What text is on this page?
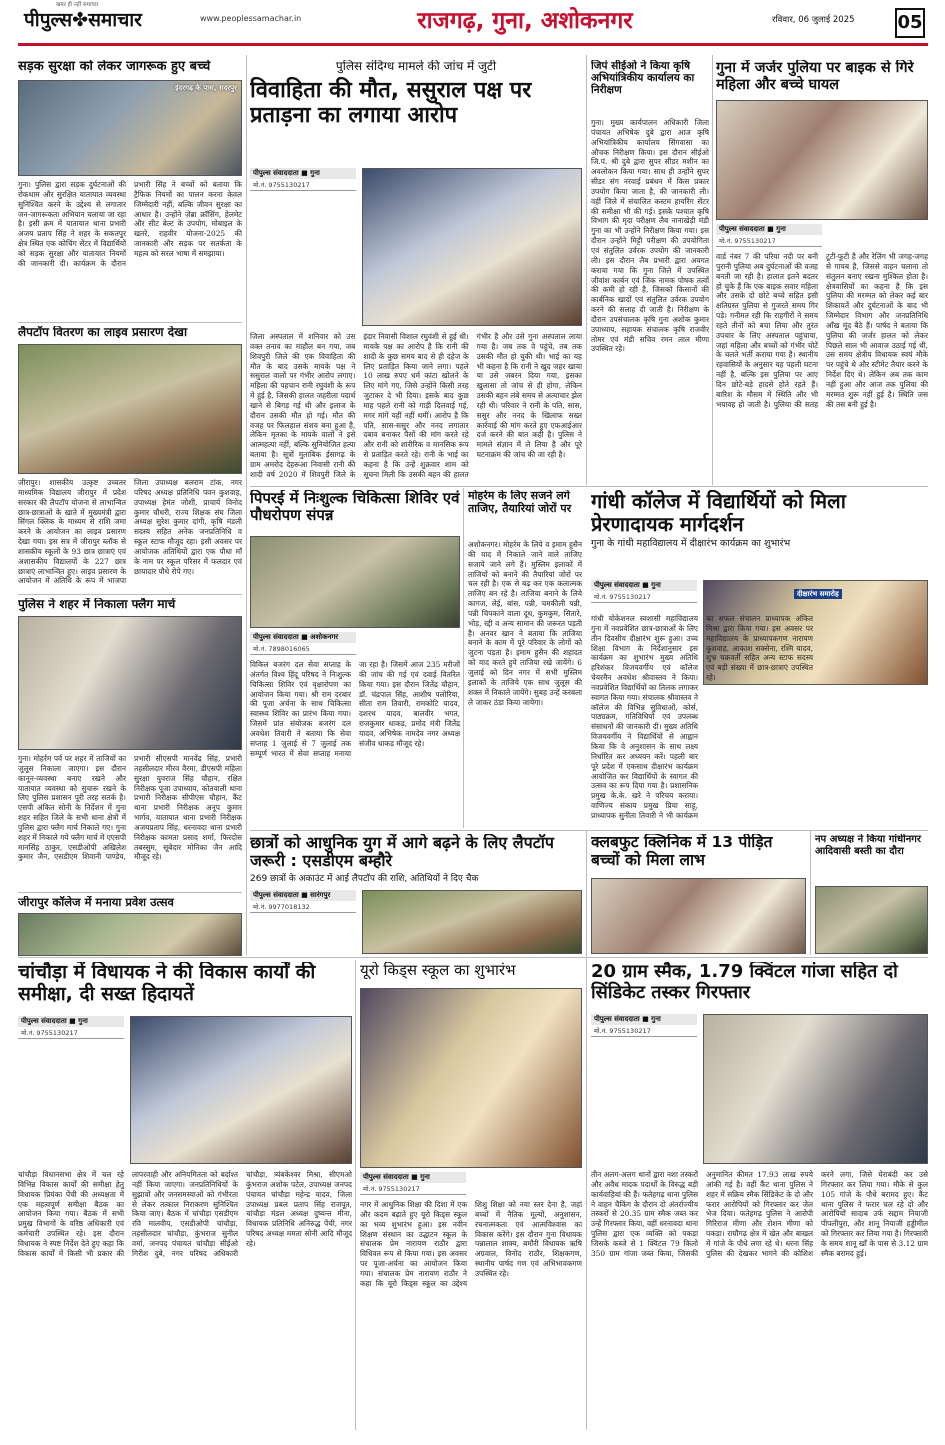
पीपुल्स✤समाचार
खबर ही नहीं समाचार
www.peoplessamachar.in	राजगढ़, गुना, अशोकनगर	रविवार, 06 जुलाई 2025 05
सड़क सुरक्षा को लेकर जागरूक हुए बच्चे
इंदरगढ़ के पास, सदरपुर
गुना। पुलिस द्वारा सड़क दुर्घटनाओं की रोकथाम और सुरक्षित यातायात व्यवस्था सुनिश्चित करने के उद्देश्य से लगातार जन-जागरूकता अभियान चलाया जा रहा है। इसी क्रम में यातायात थाना प्रभारी अजय प्रताप सिंह ने शहर के सकतपुर क्षेत्र स्थित एक कोचिंग सेंटर में विद्यार्थियों को सड़क सुरक्षा और यातायात नियमों की जानकारी दी। कार्यक्रम के दौरान प्रभारी सिंह ने बच्चों को बताया कि ट्रैफिक नियमों का पालन करना केवल जिम्मेदारी नहीं, बल्कि जीवन सुरक्षा का आधार है। उन्होंने ज़ेब्रा क्रॉसिंग, हेलमेट और सीट बेल्ट के उपयोग, मोबाइल के खतरे, राहवीर योजना-2025 की जानकारी और सड़क पर सतर्कता के महत्व को सरल भाषा में समझाया।
लैपटॉप वितरण का लाइव प्रसारण देखा
जीरापुर। शासकीय उत्कृष्ट उच्चतर माध्यमिक विद्यालय जीरापुर में प्रदेश सरकार की लैपटॉप योजना से लाभान्वित छात्र-छात्राओं के खाते में मुख्यमंत्री द्वारा सिंगल क्लिक के माध्यम से राशि जमा करने के आयोजन का लाइव प्रसारण देखा गया। इस सत्र में जीरापुर ब्लॉक से शासकीय स्कूलों के 93 छात्र छात्राएं एवं अशासकीय विद्यालयों के 227 छात्र छात्राएं लाभान्वित हुए। लाइव प्रसारण के आयोजन में अतिथि के रूप में भाजपा जिला उपाध्यक्ष बलराम टांक, नगर परिषद अध्यक्ष प्रतिनिधि पवन कुशवाह, उपाध्यक्ष हेमंत जोशी, प्राचार्य विनोद कुमार चौधरी, राज्य शिक्षक संघ जिला अध्यक्ष सुरेश कुमार दांगी, कृषि मंडली सदस्य सहित अनेक जनप्रतिनिधि व स्कूल स्टाफ मौजूद रहा। इसी अवसर पर आयोजक अतिथियों द्वारा एक पौधा माँ के नाम पर स्कूल परिसर में फलदार एवं छायादार पौधे रोपे गए।
पुलिस ने शहर में निकाला फ्लैग मार्च
गुना। मोहर्रम पर्व पर शहर में ताजियों का जुलूस निकाला जाएगा। इस दौरान कानून-व्यवस्था बनाए रखने और यातायात व्यवस्था को सुचारू रखने के लिए पुलिस प्रशासन पूरी तरह सतर्क है। एसपी अंकित सोनी के निर्देशन में गुना शहर सहित जिले के सभी थाना क्षेत्रों में पुलिस द्वारा फ्लैग मार्च निकाले गए। गुना शहर में निकाले गये फ्लैग मार्च में एएसपी मानसिंह ठाकुर, एसडीओपी अखिलेश कुमार जैन, एसडीएम शिवानी पाण्डेय, प्रभारी सीएसपी मानवेंद्र सिंह, प्रभारी तहसीलदार मीरव वैरमा, डीएसपी महिला सुरक्षा युवराज सिंह चौहान, रक्षित निरीक्षक पूजा उपाध्याय, कोतवाली थाना प्रभारी निरीक्षक सीपीएस चौहान, कैंट थाना प्रभारी निरीक्षक अनूप कुमार भार्गव, यातायात थाना प्रभारी निरीक्षक अजयप्रताप सिंह, धरनावदा थाना प्रभारी निरीक्षक कामता प्रसाद शर्मा, फिरदोस तबस्सुम, सूबेदार मोनिका जैन आदि मौजूद रहे।
जीरापुर कॉलेज में मनाया प्रवेश उत्सव
पुलिस संदिग्ध मामले की जांच में जुटी
विवाहिता की मौत, ससुराल पक्ष पर प्रताड़ना का लगाया आरोप
पीपुल्स संवाददाता ■ गुना
मो.नं. 9755130217
जिला अस्पताल में शनिवार को उस वक्त तनाव का माहौल बन गया, जब शिवपुरी जिले की एक विवाहिता की मौत के बाद उसके मायके पक्ष ने ससुराल वालों पर गंभीर आरोप लगाए। महिला की पहचान रानी रघुवंशी के रूप में हुई है, जिसकी हालत जहरीला पदार्थ खाने से बिगड़ गई थी और इलाज के दौरान उसकी मौत हो गई। मौत की वजह पर फिलहाल संशय बना हुआ है, लेकिन मृतका के मायके वालों ने इसे आत्महत्या नहीं, बल्कि सुनियोजित हत्या बताया है। सूत्रों मुताबिक ईसागढ़ के ग्राम अमरोद देहरूआ निवासी रानी की शादी वर्ष 2020 में शिवपुरी जिले के इंदार निवासी विशाल रघुवंशी से हुई थी। मायके पक्ष का आरोप है कि रानी की शादी के कुछ समय बाद से ही दहेज के लिए प्रताड़ित किया जाने लगा। पहले 10 लाख रुपए धर्म कांटा खोलने के लिए मांगे गए, जिसे उन्होंने किसी तरह जुटाकर दे भी दिया। इसके बाद कुछ माह पहले रानी को गाड़ी दिलवाई गई, मगर मांगें यहीं नहीं थमीं। आरोप है कि पति, सास-ससुर और ननद लगातार दबाव बनाकर पैसों की मांग करते रहे और रानी को शारीरिक व मानसिक रूप से प्रताड़ित करते रहे। रानी के भाई का कहना है कि उन्हें शुक्रवार शाम को सूचना मिली कि उसकी बहन की हालत गंभीर है और उसे गुना अस्पताल लाया गया है। जब तक वे पहुंचे, तब तक उसकी मौत हो चुकी थी। भाई का यह भी कहना है कि रानी ने खुद जहर खाया या उसे जबरन दिया गया, इसका खुलासा तो जांच से ही होगा, लेकिन उसकी बहन लंबे समय से अत्याचार झेल रही थी। परिवार ने रानी के पति, सास, ससुर और ननद के खिलाफ सख्त कार्रवाई की मांग करते हुए एफआईआर दर्ज करने की बात कही है। पुलिस ने मामले संज्ञान में ले लिया है और पूरे घटनाक्रम की जांच की जा रही है।
जिपं सीईओ ने किया कृषि अभियांत्रिकीय कार्यालय का निरीक्षण
गुना। मुख्य कार्यपालन अधिकारी जिला पंचायत अभिषेक दुबे द्वारा आज कृषि अभियांत्रिकीय कार्यालय सिंगवासा का औचक निरीक्षण किया। इस दौरान सीईओ जि.पं. श्री दुबे द्वारा सुपर सीडर मशीन का अवलोकन किया गया। साथ ही उन्होंने सुपर सीडर संग नरवाई प्रबंधन में किस प्रकार उपयोग किया जाता है, की जानकारी ली। वहीं जिले में संचालित कस्टम हायरिंग सेंटर की समीक्षा भी की गई। इसके पश्चात कृषि विभाग की मृदा परीक्षण लैब नानाखेड़ी मंडी गुना का भी उन्होंने निरीक्षण किया गया। इस दौरान उन्होंने मिट्टी परीक्षण की उपयोगिता एवं संतुलित उर्वरक उपयोग की जानकारी ली। इस दौरान लैब प्रभारी द्वारा अवगत कराया गया कि गुना जिले में उपस्थित जीवांश कार्बन एवं जिंक नामक पोषक तत्वों की कमी हो रही है, जिसको किसानों की कार्बनिक खादों एवं संतुलित उर्वरक उपयोग करने की सलाह दी जाती है। निरीक्षण के दौरान उपसंचालक कृषि गुना अशोक कुमार उपाध्याय, सहायक संचालक कृषि राजवीर तोमर एवं मंडी सचिव रमन लाल मीणा उपस्थित रहे।
गुना में जर्जर पुलिया पर बाइक से गिरे महिला और बच्चे घायल
पीपुल्स संवाददाता ■ गुना
मो.नं. 9755130217
वार्ड नंबर 7 की परिया नदी पर बनी पुरानी पुलिया अब दुर्घटनाओं की वजह बनती जा रही है। हालात इतने बदतर हो चुके हैं कि एक बाइक सवार महिला और उसके दो छोटे बच्चे सहित इसी क्षतिग्रस्त पुलिया से गुजरते समय गिर पड़े। गनीमत रही कि राहगीरों ने समय रहते तीनों को बचा लिया और तुरंत उपचार के लिए अस्पताल पहुंचाया, जहां महिला और बच्चों को गंभीर चोटें के चलते भर्ती कराया गया है। स्थानीय रहवासियों के अनुसार यह पहली घटना नहीं है, बल्कि इस पुलिया पर आए दिन छोटे-बड़े हादसे होते रहते हैं। बारिश के मौसम में स्थिति और भी भयावह हो जाती है। पुलिया की सतह टूटी-फूटी है और रेलिंग भी जगह-जगह से गायब है, जिससे वाहन चलाना तो संतुलन बनाए रखना मुश्किल होता है। क्षेत्रवासियों का कहना है कि इस पुलिया की मरम्मत को लेकर कई बार शिकायतें और दुर्घटनाओं के बाद भी जिम्मेदार विभाग और जनप्रतिनिधि आँख मूंद बैठे हैं। पार्षद ने बताया कि पुलिया की जर्जर हालत को लेकर पिछले साल भी आवाज उठाई गई थी, उस समय क्षेत्रीय विधायक स्वयं मौके पर पहुंचे थे और स्टीमेट तैयार करने के निर्देश दिए थे। लेकिन अब तक काम नहीं हुआ और आज तक पुलिया की मरम्मत शुरू नहीं हुई है। स्थिति जस की तस बनी हुई है।
पिपरई में निःशुल्क चिकित्सा शिविर एवं पौधरोपण संपन्न
पीपुल्स संवाददाता ■ अशोकनगर
मो.नं. 7898016065
विकिल बजरंग दल सेवा सप्ताह के अंतर्गत विश्व हिंदू परिषद ने निःशुल्क चिकित्सा शिविर एवं वृक्षारोपण का आयोजन किया गया। श्री राम दरबार की पूजा अर्चना के साथ चिकित्सा स्वास्थ्य शिविर का प्रारंभ किया गया। जिसमें प्रांत संयोजक बजरंग दल अवधेश तिवारी ने बताया कि सेवा सप्ताह 1 जुलाई से 7 जुलाई तक सम्पूर्ण भारत में सेवा सप्ताह मनाया जा रहा है। जिसमें आज 235 मरीजों की जांच की गई एवं दवाई वितरित किया गया। इस दौरान जितेंद्र चौहान, डॉ. चंद्रपाल सिंह, आशीष पलोरिया, सीता राम तिवारी, रामकोटि यादव, दशरथ यादव, बालवीर भगत, राजकुमार धाकड़, प्रमोद मंत्री जितेंद्र यादव, अभिषेक नामदेव नगर अध्यक्ष संजीव धाकड़ मौजूद रहे।
मोहर्रम के लिए सजने लगे ताजिए, तैयारियां जोरों पर
अशोकनगर। मोहर्रम के लिये व इमाम हुसैन की याद में निकाले जाने वाले ताजिए सजाये जाने लगे हैं। मुस्लिम इलाकों में ताजियों को बनाने की तैयारियां जोरों पर चल रही है। एक से बढ़ कर एक कलात्मक ताजिए बन रहे है। ताजिया बनाने के लिये कागज, लेई, बांस, पन्नी, चमकीली पन्नी, पन्नी चिपकाने वाला दूध, कुमकुम, सितारे, भोड़, रद्दी व अन्य सामान की जरूरत पड़ती है। अनवर खान ने बताया कि ताजिया बनाने के काम में पूरे परिवार के लोगों को जुटना पड़ता है। इमाम हुसैन की शहादत को याद करते हुये ताजिया रखे जायेंगे। 6 जुलाई को दिन नगर में सभी मुस्लिम इलाकों के ताजिये एक साथ जुलूस की शक्ल में निकाले जायेंगे। सुबह उन्हें करबला ले जाकर ठंडा किया जायेगा।
गांधी कॉलेज में विद्यार्थियों को मिला प्रेरणादायक मार्गदर्शन
गुना के गांधी महाविद्यालय में दीक्षारंभ कार्यक्रम का शुभारंभ
पीपुल्स संवाददाता ■ गुना
मो.नं. 9755130217	दीक्षारंभ समारोह
गांधी योकेशनल स्वशासी महाविद्यालय गुना में नवप्रवेशित छात्र-छात्राओं के लिए तीन दिवसीय दीक्षारंभ शुरू हुआ। उच्च शिक्षा विभाग के निर्देशानुसार इस कार्यक्रम का शुभारंभ मुख्य अतिथि हरिशंकर विजयवर्गीय एवं कॉलेज चेयरमैन अवधेश श्रीवास्तव ने किया। नवप्रवेशित विद्यार्थियों का तिलक लगाकर स्वागत किया गया। संचालक श्रीवास्तव ने कॉलेज की विभिन्न सुविधाओं, कोर्स, पाठ्यक्रम, गतिविधियों एवं उपलब्ध संसाधनों की जानकारी दी। मुख्य अतिथि विजयवर्गीय ने विद्यार्थियों से आह्वान किया कि वे अनुशासन के साथ लक्ष्य निर्धारित कर अध्ययन करें। पहली बार पूरे प्रदेश में एकसाथ दीक्षारंभ कार्यक्रम आयोजित कर विद्यार्थियों के स्वागत की उत्सव का रूप दिया गया है। प्रशासनिक प्रमुख के.के. खरे ने परिचय कराया। वाणिज्य संकाय प्रमुख प्रिया साहू, प्राध्यापक सुनीता तिवारी ने भी कार्यक्रम का सफल संचालन प्राध्यापक अंकित मिश्रा द्वारा किया गया। इस अवसर पर महाविद्यालय के प्राध्यापकगण नारायण कुशवाह, आकाश सक्सेना, रश्मि यादव, शुभ्र चक्रवर्ती सहित अन्य स्टाफ सदस्य एवं बड़ी संख्या में छात्र-छात्राएं उपस्थित रहे।
छात्रों को आधुनिक युग में आगे बढ़ने के लिए लैपटॉप जरूरी : एसडीएम बम्हौरे
269 छात्रों के अकाउंट में आई लैपटॉप की राशि, अतिथियों ने दिए चैक
पीपुल्स संवाददाता ■ सारंगपुर
मो.नं. 9977018132
क्लबफुट क्लिनिक में 13 पीड़ित बच्चों को मिला लाभ
नप अध्यक्ष ने किया गांधीनगर आदिवासी बस्ती का दौरा
चांचौड़ा में विधायक ने की विकास कार्यों की समीक्षा, दी सख्त हिदायतें
पीपुल्स संवाददाता ■ गुना
मो.नं. 9755130217
चांचौड़ा विधानसभा क्षेत्र में चल रहे विभिन्न विकास कार्यों की समीक्षा हेतु विधायक प्रियंका पेंची की अध्यक्षता में एक महत्वपूर्ण समीक्षा बैठक का आयोजन किया गया। बैठक में सभी प्रमुख विभागों के वरिष्ठ अधिकारी एवं कर्मचारी उपस्थित रहे। इस दौरान विधायक ने स्पष्ट निर्देश देते हुए कहा कि विकास कार्यों में किसी भी प्रकार की लापरवाही और अनियमितता को बर्दाश्त नहीं किया जाएगा। जनप्रतिनिधियों के सुझावों और जनसमस्याओं को गंभीरता से लेकर तत्काल निराकरण सुनिश्चित किया जाए। बैठक में चांचौड़ा एसडीएम रवि मालवीय, एसडीओपी चांचौड़ा, तहसीलदार चांचौड़ा, कुंभराज सुनील वर्मा, जनपद पंचायत चांचौड़ा सीईओ गिरीश दुबे, नगर परिषद अधिकारी चांचौड़ा, त्र्यंबकेश्वर मिश्रा, सीएमओ कुंभराज अशोक पटेल, उपाध्यक्ष जनपद पंचायत चांचौड़ा महेन्द्र यादव, जिला उपाध्यक्ष प्रबल प्रताप सिंह राजपूत, चांचौड़ा मंडल अध्यक्ष दुष्यन्त मीना, विधायक प्रतिनिधि अनिरुद्ध पेंची, नगर परिषद अध्यक्ष ममता सोनी आदि मौजूद रहे।
यूरो किड्स स्कूल का शुभारंभ
पीपुल्स संवाददाता ■ गुना
मो.नं. 9755130217
नगर में आधुनिक शिक्षा की दिशा में एक और कदम बढ़ाते हुए यूरो किड्स स्कूल का भव्य शुभारंभ हुआ। इस नवीन शिक्षण संस्थान का उद्घाटन स्कूल के संचालक प्रेम नारायण राठौर द्वारा विधिवत रूप से किया गया। इस अवसर पर पूजा-अर्चना का आयोजन किया गया। संचालक प्रेम नारायण राठौर ने कहा कि यूरो किड्स स्कूल का उद्देश्य शिशु शिक्षा को नया स्तर देना है, जहां बच्चों में नैतिक मूल्यों, अनुशासन, रचनात्मकता एवं आत्मविश्वास का विकास करेंगे। इस दौरान गुना विधायक पन्नालाल शाक्य, बमौरी विधायक ऋषि अग्रवाल, विनोद राठौर, शिक्षकगण, स्थानीय पार्षद गण एवं अभिभावकगण उपस्थित रहे।
20 ग्राम स्मैक, 1.79 क्विंटल गांजा सहित दो सिंडिकेट तस्कर गिरफ्तार
पीपुल्स संवाददाता ■ गुना
मो.नं. 9755130217
तीन अलग-अलग थानों द्वारा नशा तस्करों और अवैध मादक पदार्थों के विरुद्ध बड़ी कार्यवाहियां की हैं। फतेहगढ़ थाना पुलिस ने वाहन चैकिंग के दौरान दो अंतर्राज्यीय तस्करों से 20.35 ग्राम स्मैक जब्त कर उन्हें गिरफ्तार किया, वहीं धरनावदा थाना पुलिस द्वारा एक व्यक्ति को पकड़ा जिसके कब्जे से 1 क्विंटल 79 किलो 350 ग्राम गांजा जब्त किया, जिसकी अनुमानित कीमत 17.93 लाख रुपये आंकी गई है। वहीं कैंट थाना पुलिस ने शहर में सक्रिय स्मैक सिंडिकेट के दो और फरार आरोपियों को गिरफ्तार कर जेल भेज दिया। फतेहगढ़ पुलिस ने आरोपी गिरिराज मीणा और रोशन मीणा को पकड़ा। राघौगढ़ क्षेत्र में खेत और बाखल में गांजे के पौधे लगा रहे थे। धरना सिंह पुलिस की देखकर भागने की कोशिश करने लगा, जिसे घेराबंदी कर उसे गिरफ्तार कर लिया गया। मौके से कुल 105 गांजे के पौधे बरामद हुए। कैंट थाना पुलिस ने फरार चल रहे दो और आरोपियों सादाब उर्फ सद्दाम नियाजी पीपलीपुरा, और शानू नियाजी हड्डीमील को गिरफ्तार कर लिया गया है। गिरफ्तारी के समय शानू खाँ के पास से 3.12 ग्राम स्मैक बरामद हुई।
